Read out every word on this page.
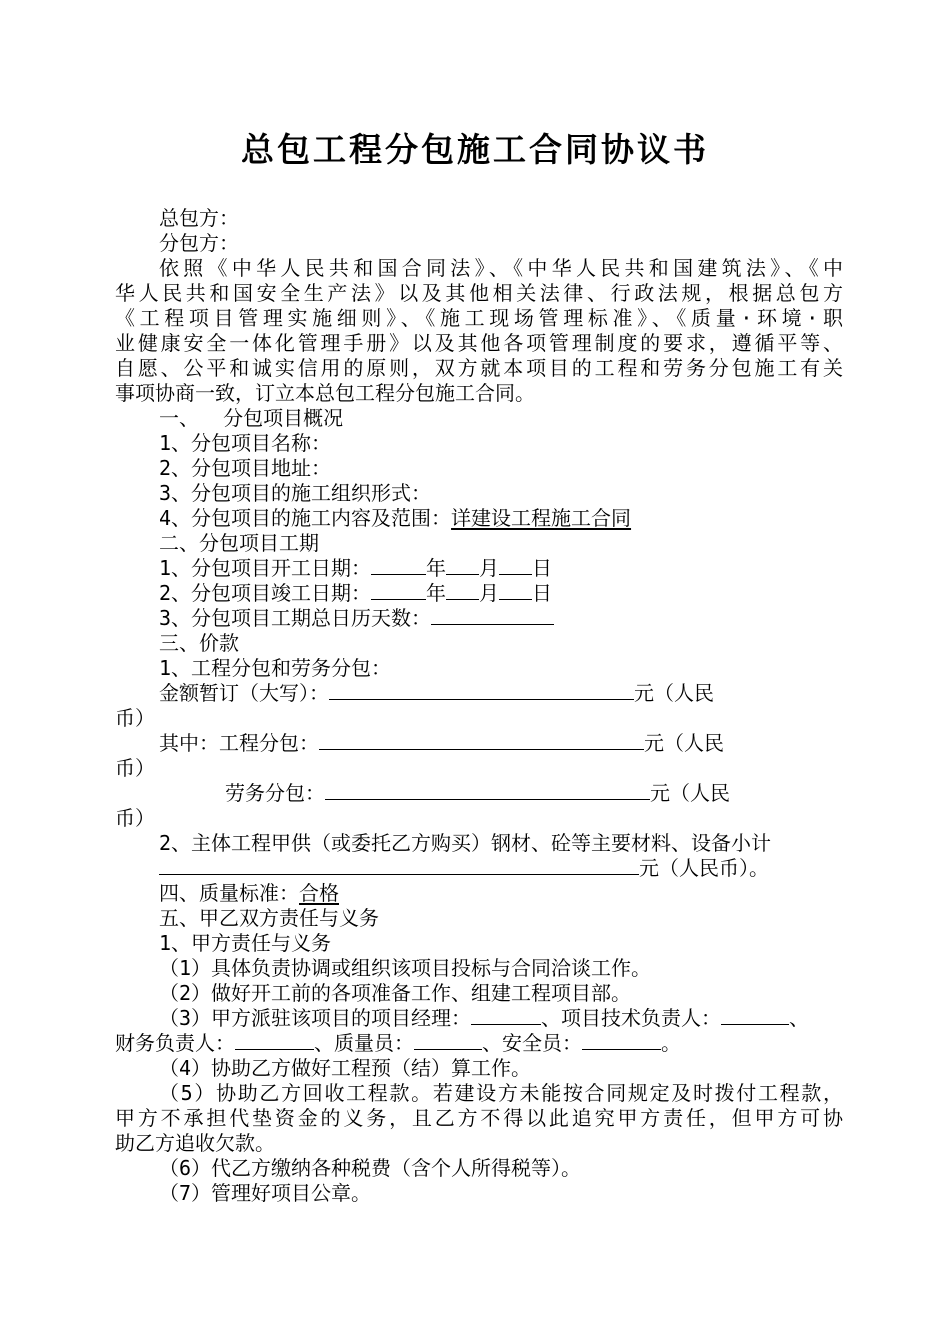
总包工程分包施工合同协议书
总包方：
分包方：
依照《中华人民共和国合同法》、《中华人民共和国建筑法》、《中
华人民共和国安全生产法》以及其他相关法律、行政法规，根据总包方
《工程项目管理实施细则》、《施工现场管理标准》、《质量·环境·职
业健康安全一体化管理手册》以及其他各项管理制度的要求，遵循平等、
自愿、公平和诚实信用的原则，双方就本项目的工程和劳务分包施工有关
事项协商一致，订立本总包工程分包施工合同。
一、  分包项目概况
1、分包项目名称：
2、分包项目地址：
3、分包项目的施工组织形式：
4、分包项目的施工内容及范围：详建设工程施工合同
二、分包项目工期
1、分包项目开工日期：	年 月 日
2、分包项目竣工日期：	年 月 日
3、分包项目工期总日历天数：
三、价款
1、工程分包和劳务分包：
金额暂订（大写）：	元（人民
币）
其中：工程分包：	元（人民
币）
劳务分包：	元（人民
币）
2、主体工程甲供（或委托乙方购买）钢材、砼等主要材料、设备小计
元（人民币）。
四、质量标准：合格
五、甲乙双方责任与义务
1、甲方责任与义务
（1）具体负责协调或组织该项目投标与合同洽谈工作。
（2）做好开工前的各项准备工作、组建工程项目部。
（3）甲方派驻该项目的项目经理：	、项目技术负责人：	、
财务负责人：	、质量员：	、安全员：	。
（4）协助乙方做好工程预（结）算工作。
（5）协助乙方回收工程款。若建设方未能按合同规定及时拨付工程款，
甲方不承担代垫资金的义务，且乙方不得以此追究甲方责任，但甲方可协
助乙方追收欠款。
（6）代乙方缴纳各种税费（含个人所得税等）。
（7）管理好项目公章。
